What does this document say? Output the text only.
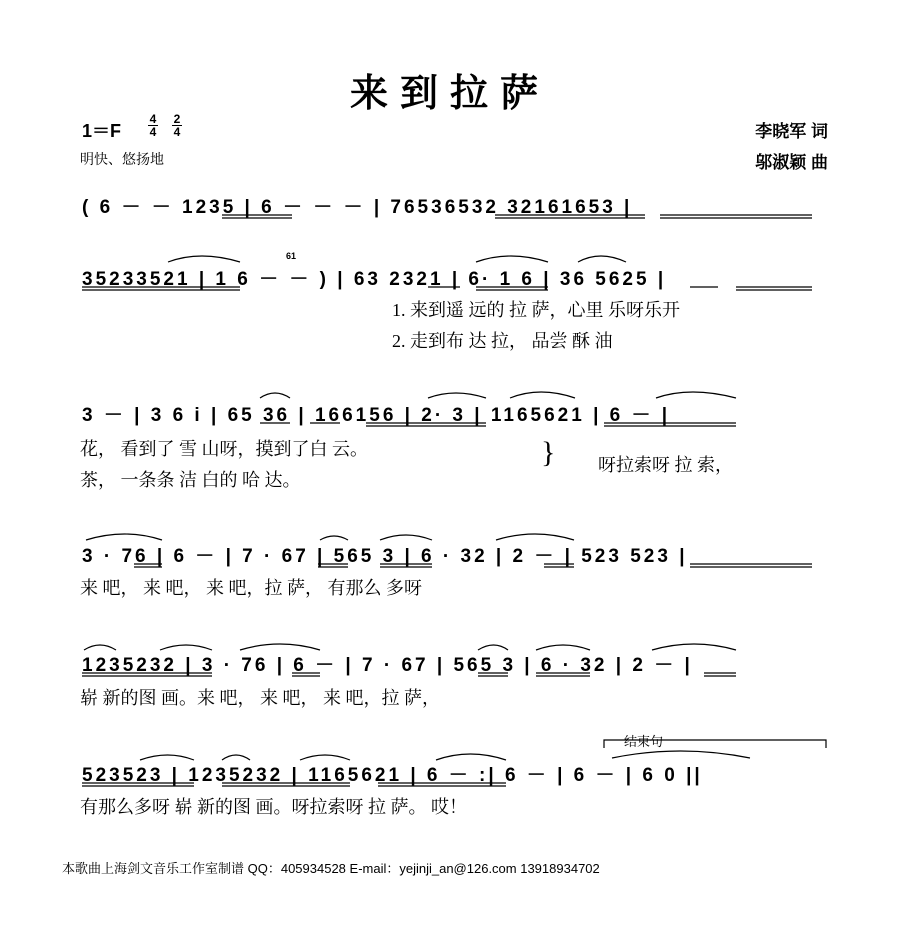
来到拉萨
1＝F
4
4
2
4
明快、悠扬地
李晓军 词
邬淑颖 曲
( 6 － － 1235 | 6 － － － | 76536532 32161653 |
35233521 | 1 6 － － ) | 63 2321 | 6· 1 6 | 36 5625 |
61
1. 来到遥 远的 拉 萨，心里 乐呀乐开
2. 走到布 达 拉， 品尝 酥 油
3 － | 3 6 i | 65 36 | 166156 | 2· 3 | 1165621 | 6 － |
花， 看到了 雪 山呀，摸到了白 云。
茶， 一条条 洁 白的 哈 达。
} 呀拉索呀 拉 索，
3 · 76 | 6 － | 7 · 67 | 565 3 | 6 · 32 | 2 － | 523 523 |
来 吧， 来 吧， 来 吧，拉 萨， 有那么 多呀
1235232 | 3 · 76 | 6 － | 7 · 67 | 565 3 | 6 · 32 | 2 － |
崭 新的图 画。来 吧， 来 吧， 来 吧，拉 萨，
结束句
523523 | 1235232 | 1165621 | 6 － :| 6 － | 6 － | 6 0 ||
有那么多呀 崭 新的图 画。呀拉索呀 拉 萨。 哎！
本歌曲上海剑文音乐工作室制谱 QQ：405934528 E-mail：yejinji_an@126.com 13918934702
